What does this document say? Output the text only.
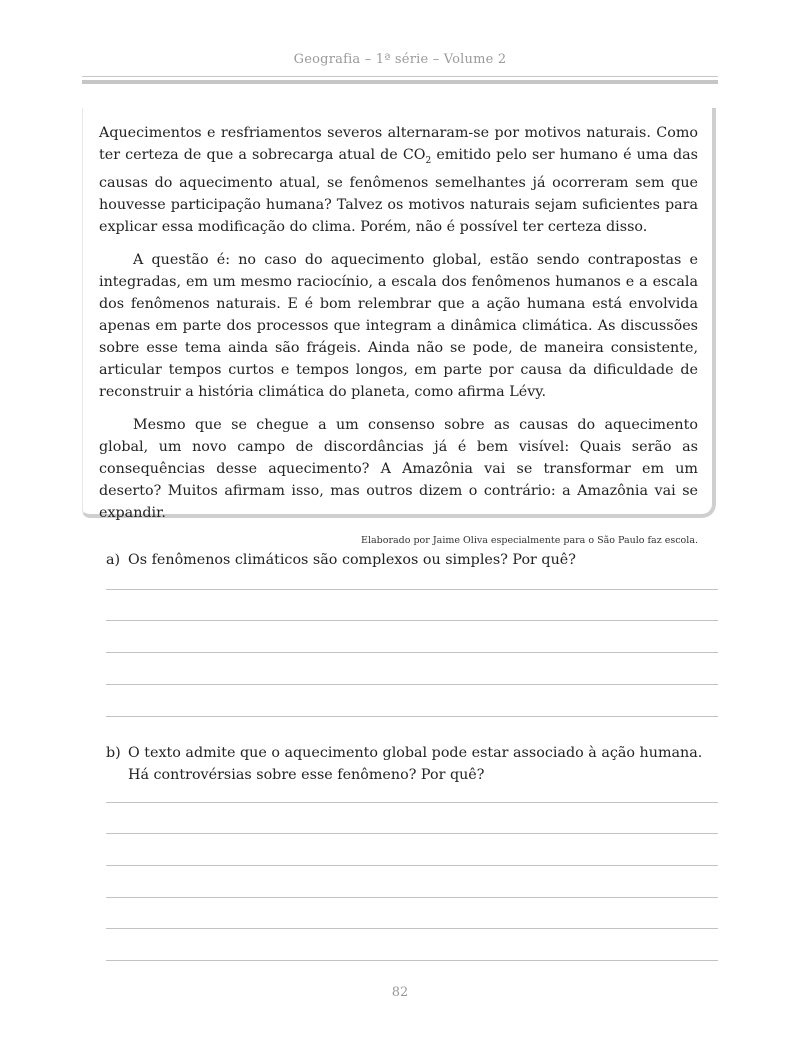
Geografia – 1ª série – Volume 2

Aquecimentos e resfriamentos severos alternaram-se por motivos naturais. Como ter certeza de que a sobrecarga atual de $CO_2$ emitido pelo ser humano é uma das causas do aquecimento atual, se fenômenos semelhantes já ocorreram sem que houvesse participação humana? Talvez os motivos naturais sejam suficientes para explicar essa modificação do clima. Porém, não é possível ter certeza disso.

A questão é: no caso do aquecimento global, estão sendo contrapostas e integradas, em um mesmo raciocínio, a escala dos fenômenos humanos e a escala dos fenômenos naturais. E é bom relembrar que a ação humana está envolvida apenas em parte dos processos que integram a dinâmica climática. As discussões sobre esse tema ainda são frágeis. Ainda não se pode, de maneira consistente, articular tempos curtos e tempos longos, em parte por causa da dificuldade de reconstruir a história climática do planeta, como afirma Lévy.

Mesmo que se chegue a um consenso sobre as causas do aquecimento global, um novo campo de discordâncias já é bem visível: Quais serão as consequências desse aquecimento? A Amazônia vai se transformar em um deserto? Muitos afirmam isso, mas outros dizem o contrário: a Amazônia vai se expandir.

Elaborado por Jaime Oliva especialmente para o São Paulo faz escola.
a) Os fenômenos climáticos são complexos ou simples? Por quê?
b) O texto admite que o aquecimento global pode estar associado à ação humana. Há controvérsias sobre esse fenômeno? Por quê?
82
